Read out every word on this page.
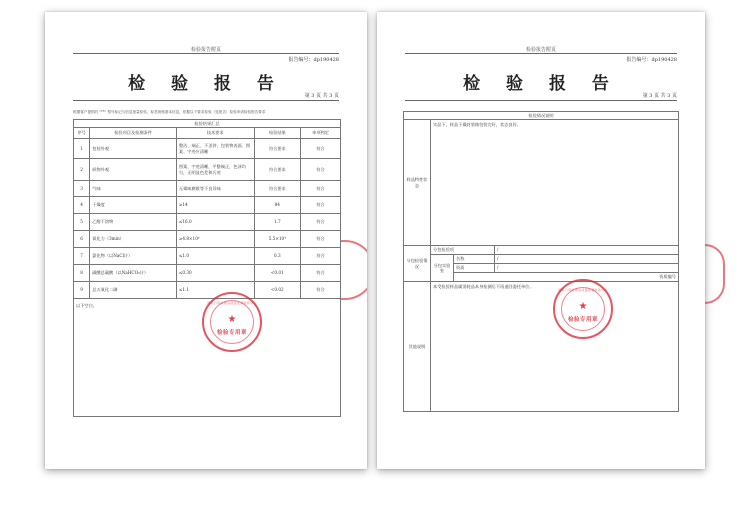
检验报告附页
报告编号：dp190428
检 验 报 告
第 3 页 共 3 页
根据客户提供的 "**" 型号标记与信息批量检验，标签规格基本信息，依据以下要求检验（见报告）检验申请检验报告要求
检验结果汇总				
序号	检验项目及检测条件	技术要求	检验结果	单项判定
1	包装外观	整洁、端正、不歪斜，包装物表面、图案、字迹应清晰	符合要求	符合
2	织物外观	图案、字迹清晰，平整端正，色泽均匀，无明显色差和污迹	符合要求	符合
3	气味	无霉味腐败等不良异味	符合要求	符合
4	干燥度	≥14	84	符合
5	乙醇不溶物	≤16.0	1.7	符合
6	氧化力（3min）	≥4.8×10⁴	5.5×10⁴	符合
7	氯化物（以NaCl计）	≤1.0	0.3	符合
8	碳酸总碳酸（以NaHCO₃计）	≤0.30	<0.01	符合
9	总五氧化二磷	≤1.1	<0.02	符合
以下空白。					国家日用消费品质量监督检验中心
★
检验专用章
检验报告附页
报告编号：dp190428
检 验 报 告
第 3 页 共 3 页
检验情况说明			
样品特性状态	实品下，样品干燥封装箱包装完好，状态良好。		
分包检验情况	分包检验项		/
	分包实验室	名称	/
		资质	/
		资质编号	
其他说明	本受检验样品属消耗品本身检测后不再退回委托单位。		
国家日用消费品质量监督检验中心
★
检验专用章
